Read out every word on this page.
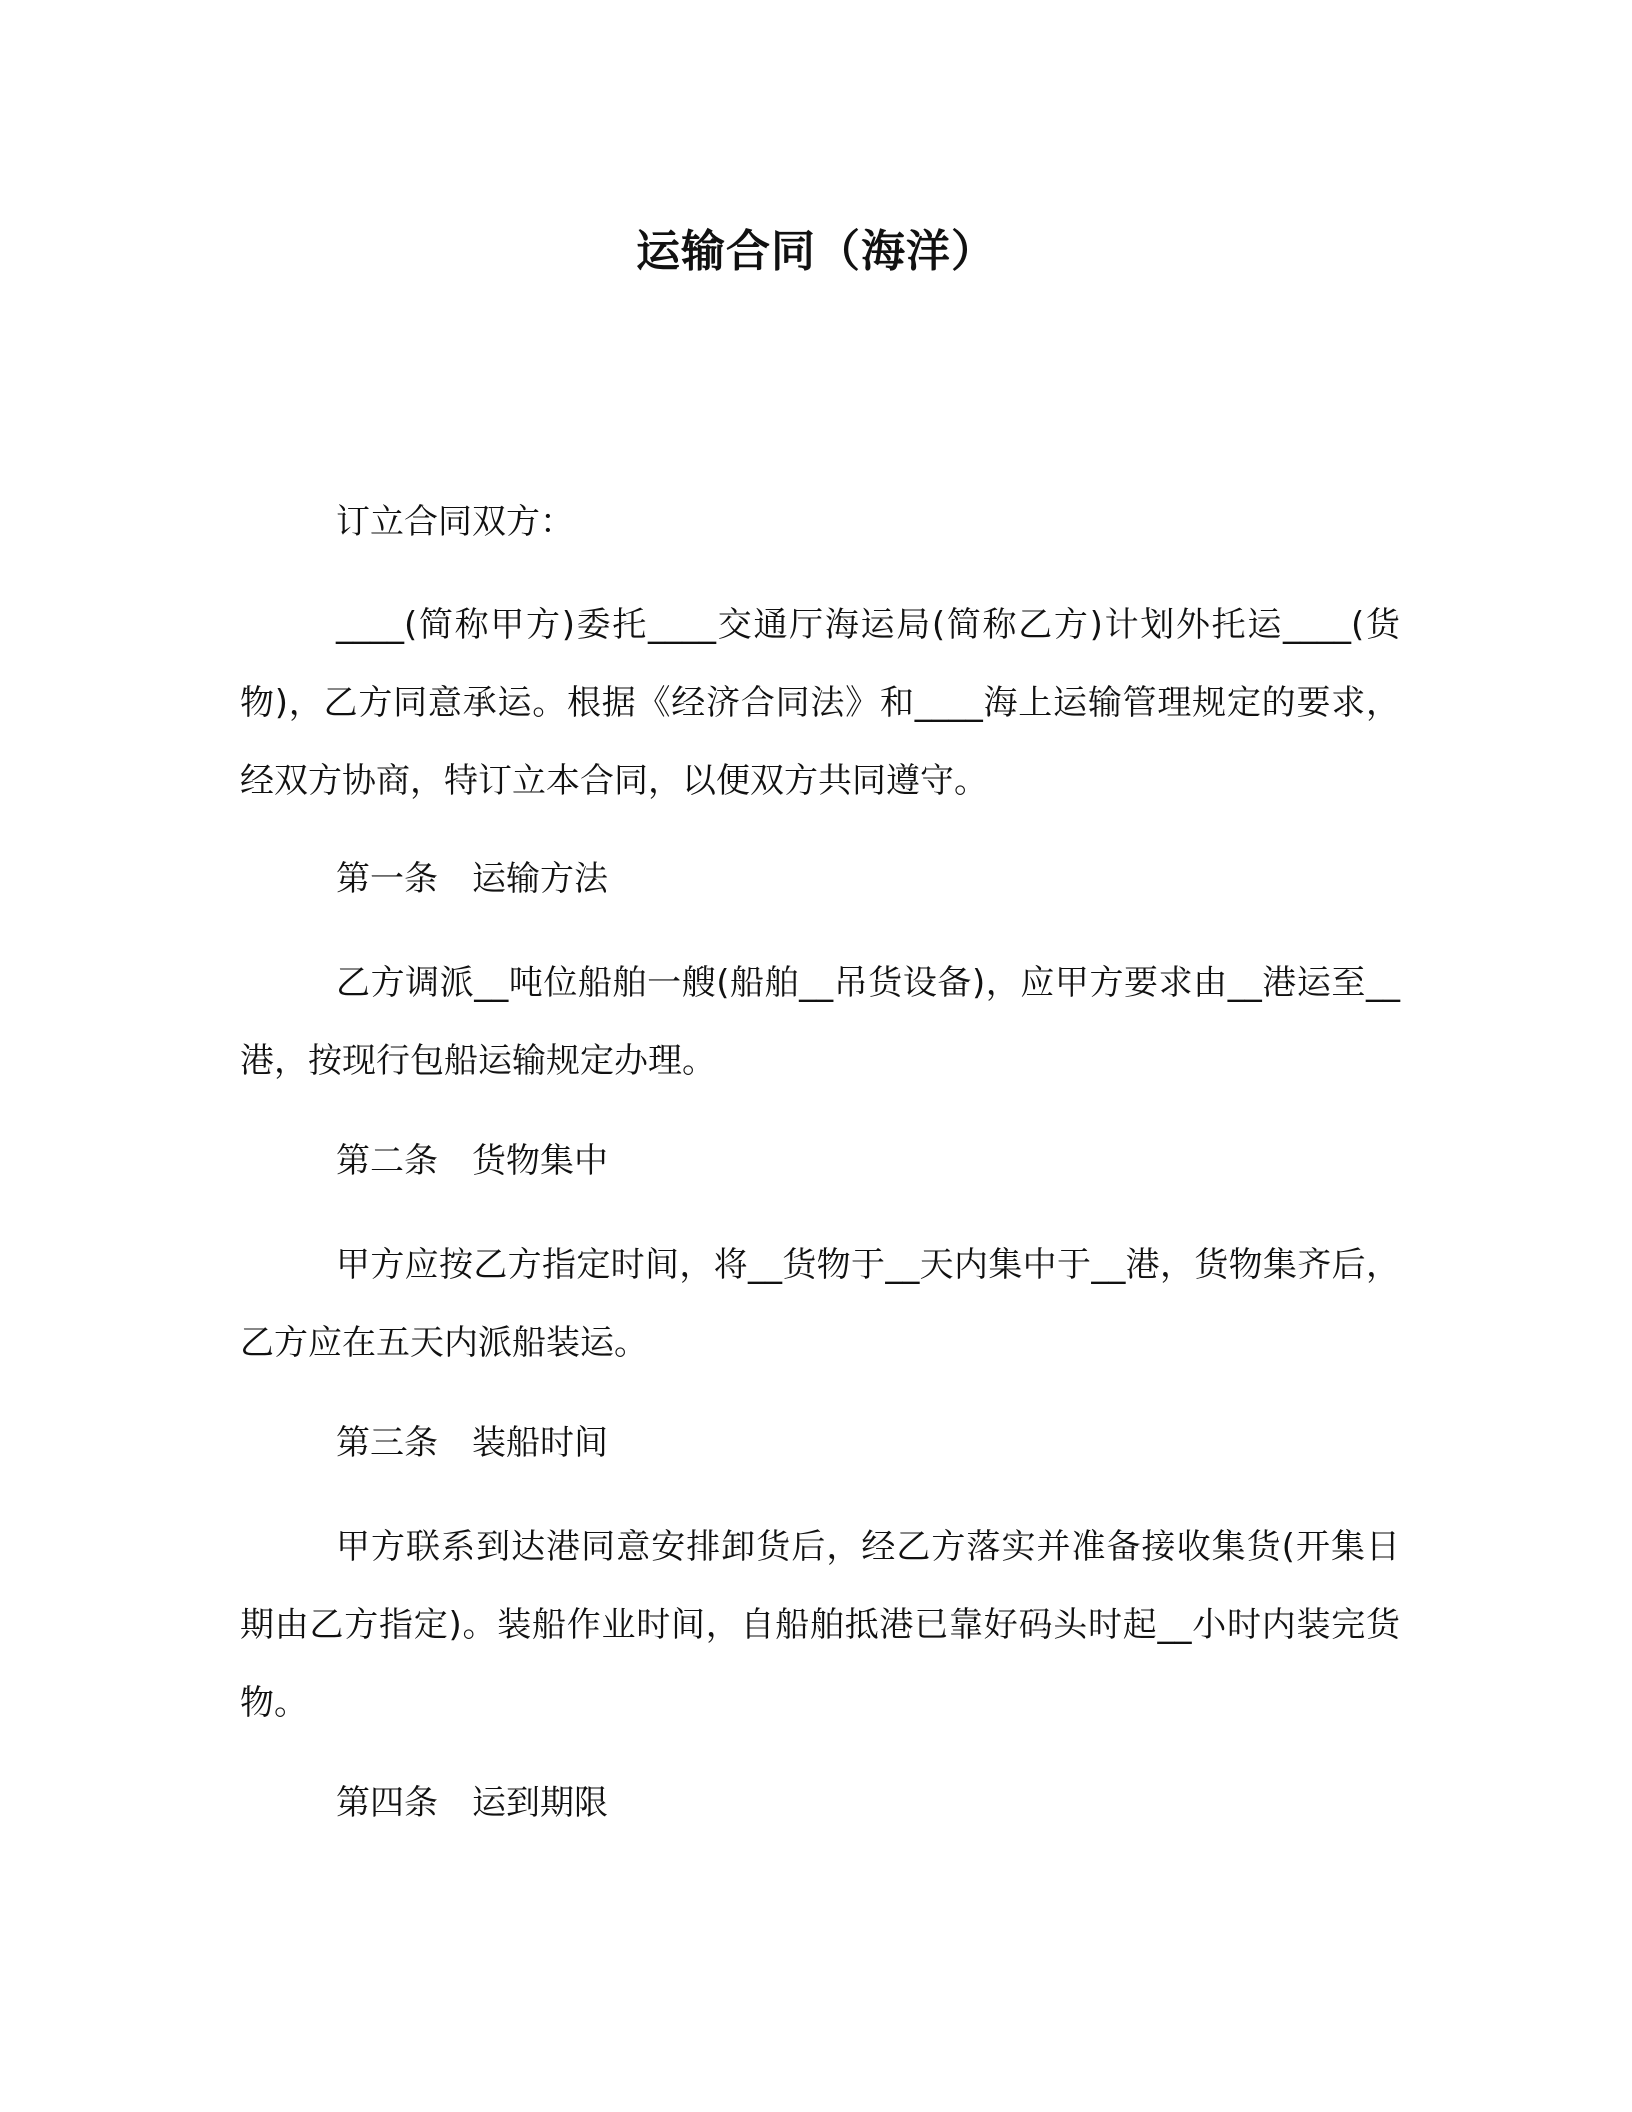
运输合同（海洋）

订立合同双方：

____(简称甲方)委托____交通厅海运局(简称乙方)计划外托运____(货物)，乙方同意承运。根据《经济合同法》和____海上运输管理规定的要求，经双方协商，特订立本合同，以便双方共同遵守。

第一条　运输方法

乙方调派__吨位船舶一艘(船舶__吊货设备)，应甲方要求由__港运至__港，按现行包船运输规定办理。

第二条　货物集中

甲方应按乙方指定时间，将__货物于__天内集中于__港，货物集齐后，乙方应在五天内派船装运。

第三条　装船时间

甲方联系到达港同意安排卸货后，经乙方落实并准备接收集货(开集日期由乙方指定)。装船作业时间，自船舶抵港已靠好码头时起__小时内装完货物。

第四条　运到期限
